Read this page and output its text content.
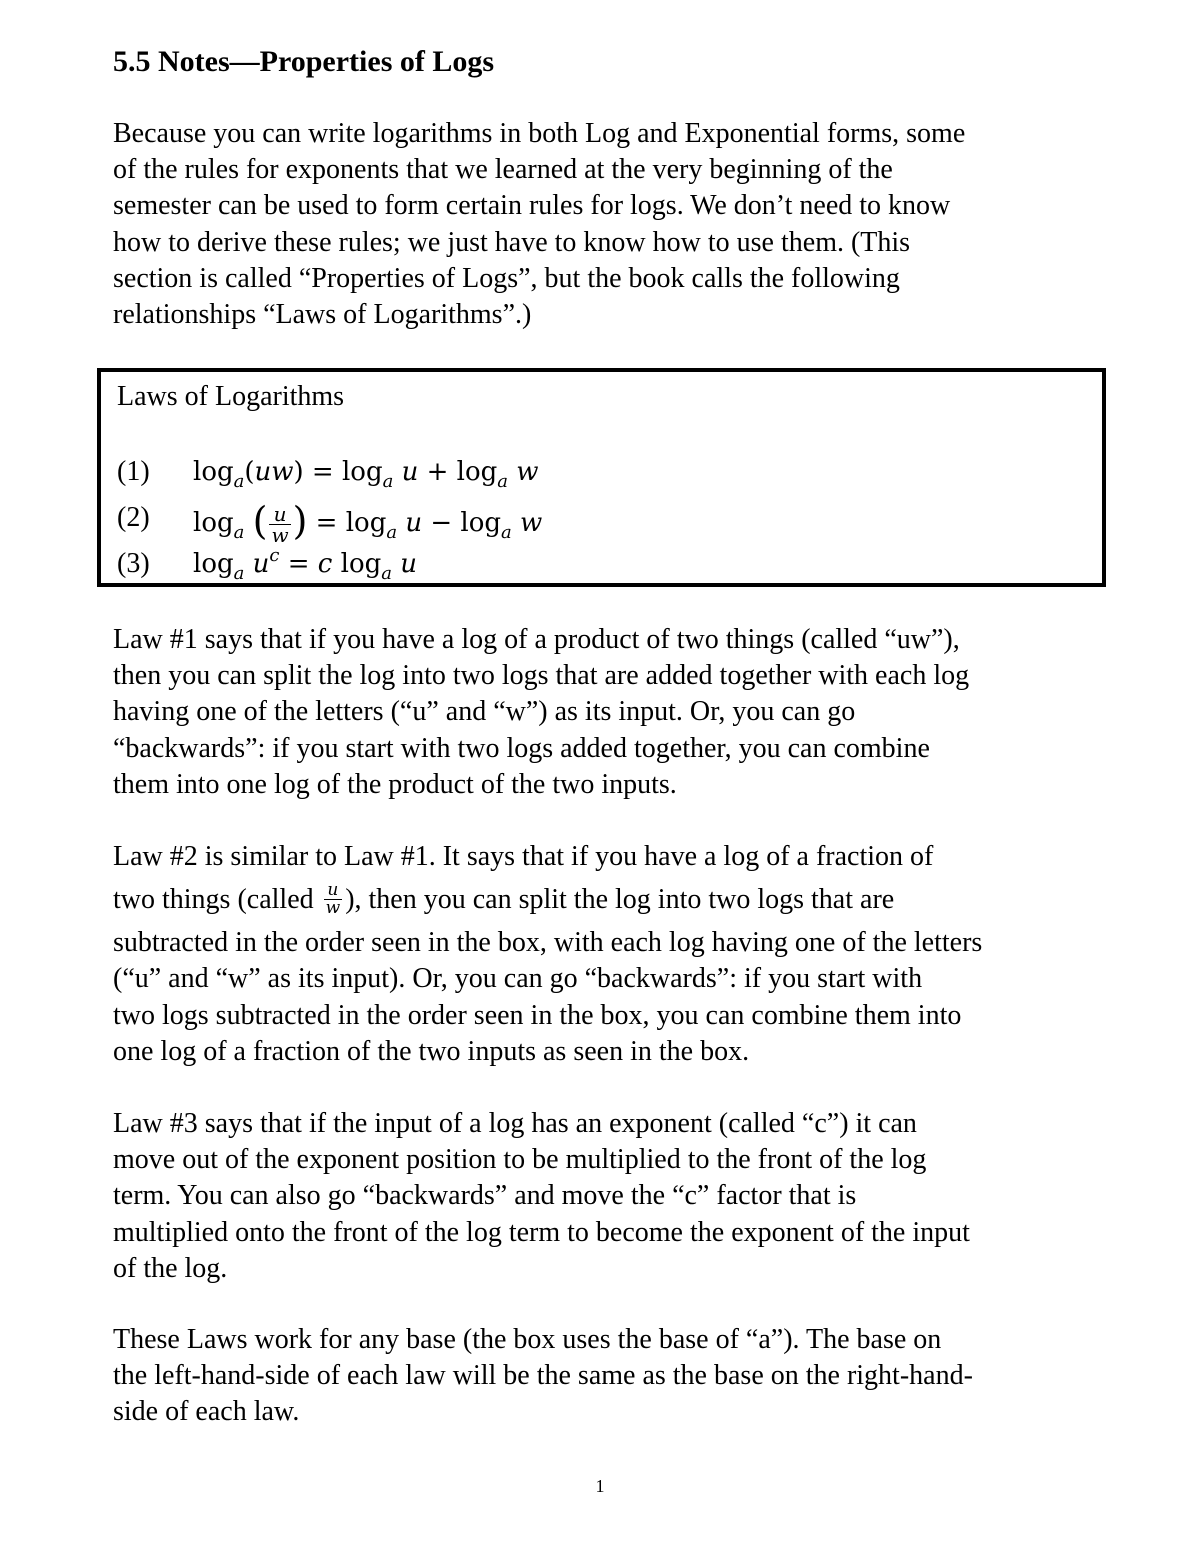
5.5 Notes—Properties of Logs
Because you can write logarithms in both Log and Exponential forms, some
of the rules for exponents that we learned at the very beginning of the
semester can be used to form certain rules for logs. We don’t need to know
how to derive these rules; we just have to know how to use them. (This
section is called “Properties of Logs”, but the book calls the following
relationships “Laws of Logarithms”.)
Laws of Logarithms
(1) $\log_a(uw) = \log_a u + \log_a w$
(2) $\log_a$ ( $\frac{u}{w}$ ) = $\log_a u - \log_a w$
(3) $\log_a u^c = c$ $\log_a u$
Law #1 says that if you have a log of a product of two things (called “uw”),
then you can split the log into two logs that are added together with each log
having one of the letters (“u” and “w”) as its input. Or, you can go
“backwards”: if you start with two logs added together, you can combine
them into one log of the product of the two inputs.
Law #2 is similar to Law #1. It says that if you have a log of a fraction of
two things (called $\frac{u}{w}$ ), then you can split the log into two logs that are
subtracted in the order seen in the box, with each log having one of the letters
(“u” and “w” as its input). Or, you can go “backwards”: if you start with
two logs subtracted in the order seen in the box, you can combine them into
one log of a fraction of the two inputs as seen in the box.
Law #3 says that if the input of a log has an exponent (called “c”) it can
move out of the exponent position to be multiplied to the front of the log
term. You can also go “backwards” and move the “c” factor that is
multiplied onto the front of the log term to become the exponent of the input
of the log.
These Laws work for any base (the box uses the base of “a”). The base on
the left-hand-side of each law will be the same as the base on the right-hand-
side of each law.
1
